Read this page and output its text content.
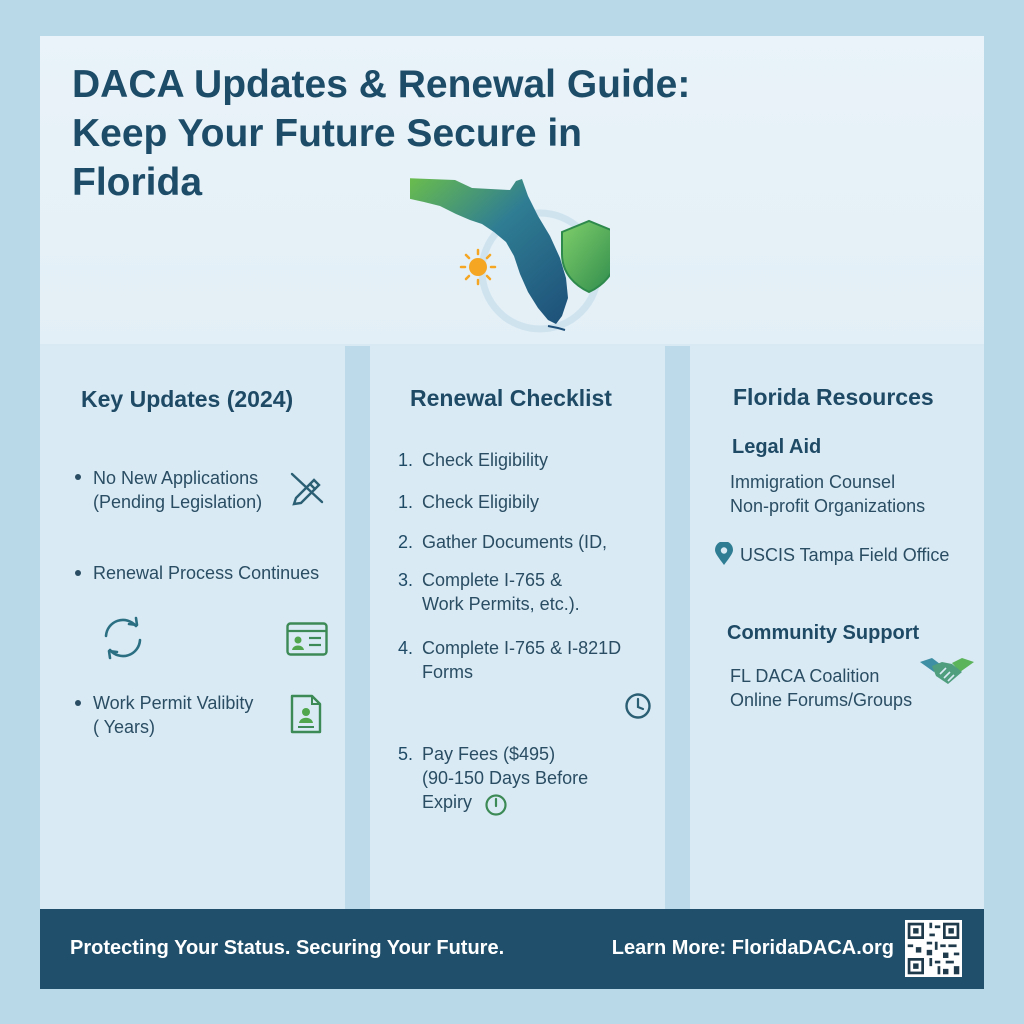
DACA Updates & Renewal Guide:
Keep Your Future Secure in
Florida
Key Updates (2024)
No New Applications
(Pending Legislation)
Renewal Process Continues
Work Permit Valibity
( Years)
Renewal Checklist
1. Check Eligibility
1. Check Eligibily
2. Gather Documents (ID,
3. Complete I-765 &
Work Permits, etc.).
4. Complete I-765 & I-821D
Forms
5. Pay Fees ($495)
(90-150 Days Before
Expiry
Florida Resources
Legal Aid
Immigration Counsel
Non-profit Organizations
USCIS Tampa Field Office
Community Support
FL DACA Coalition
Online Forums/Groups
Protecting Your Status. Securing Your Future.	Learn More: FloridaDACA.org
